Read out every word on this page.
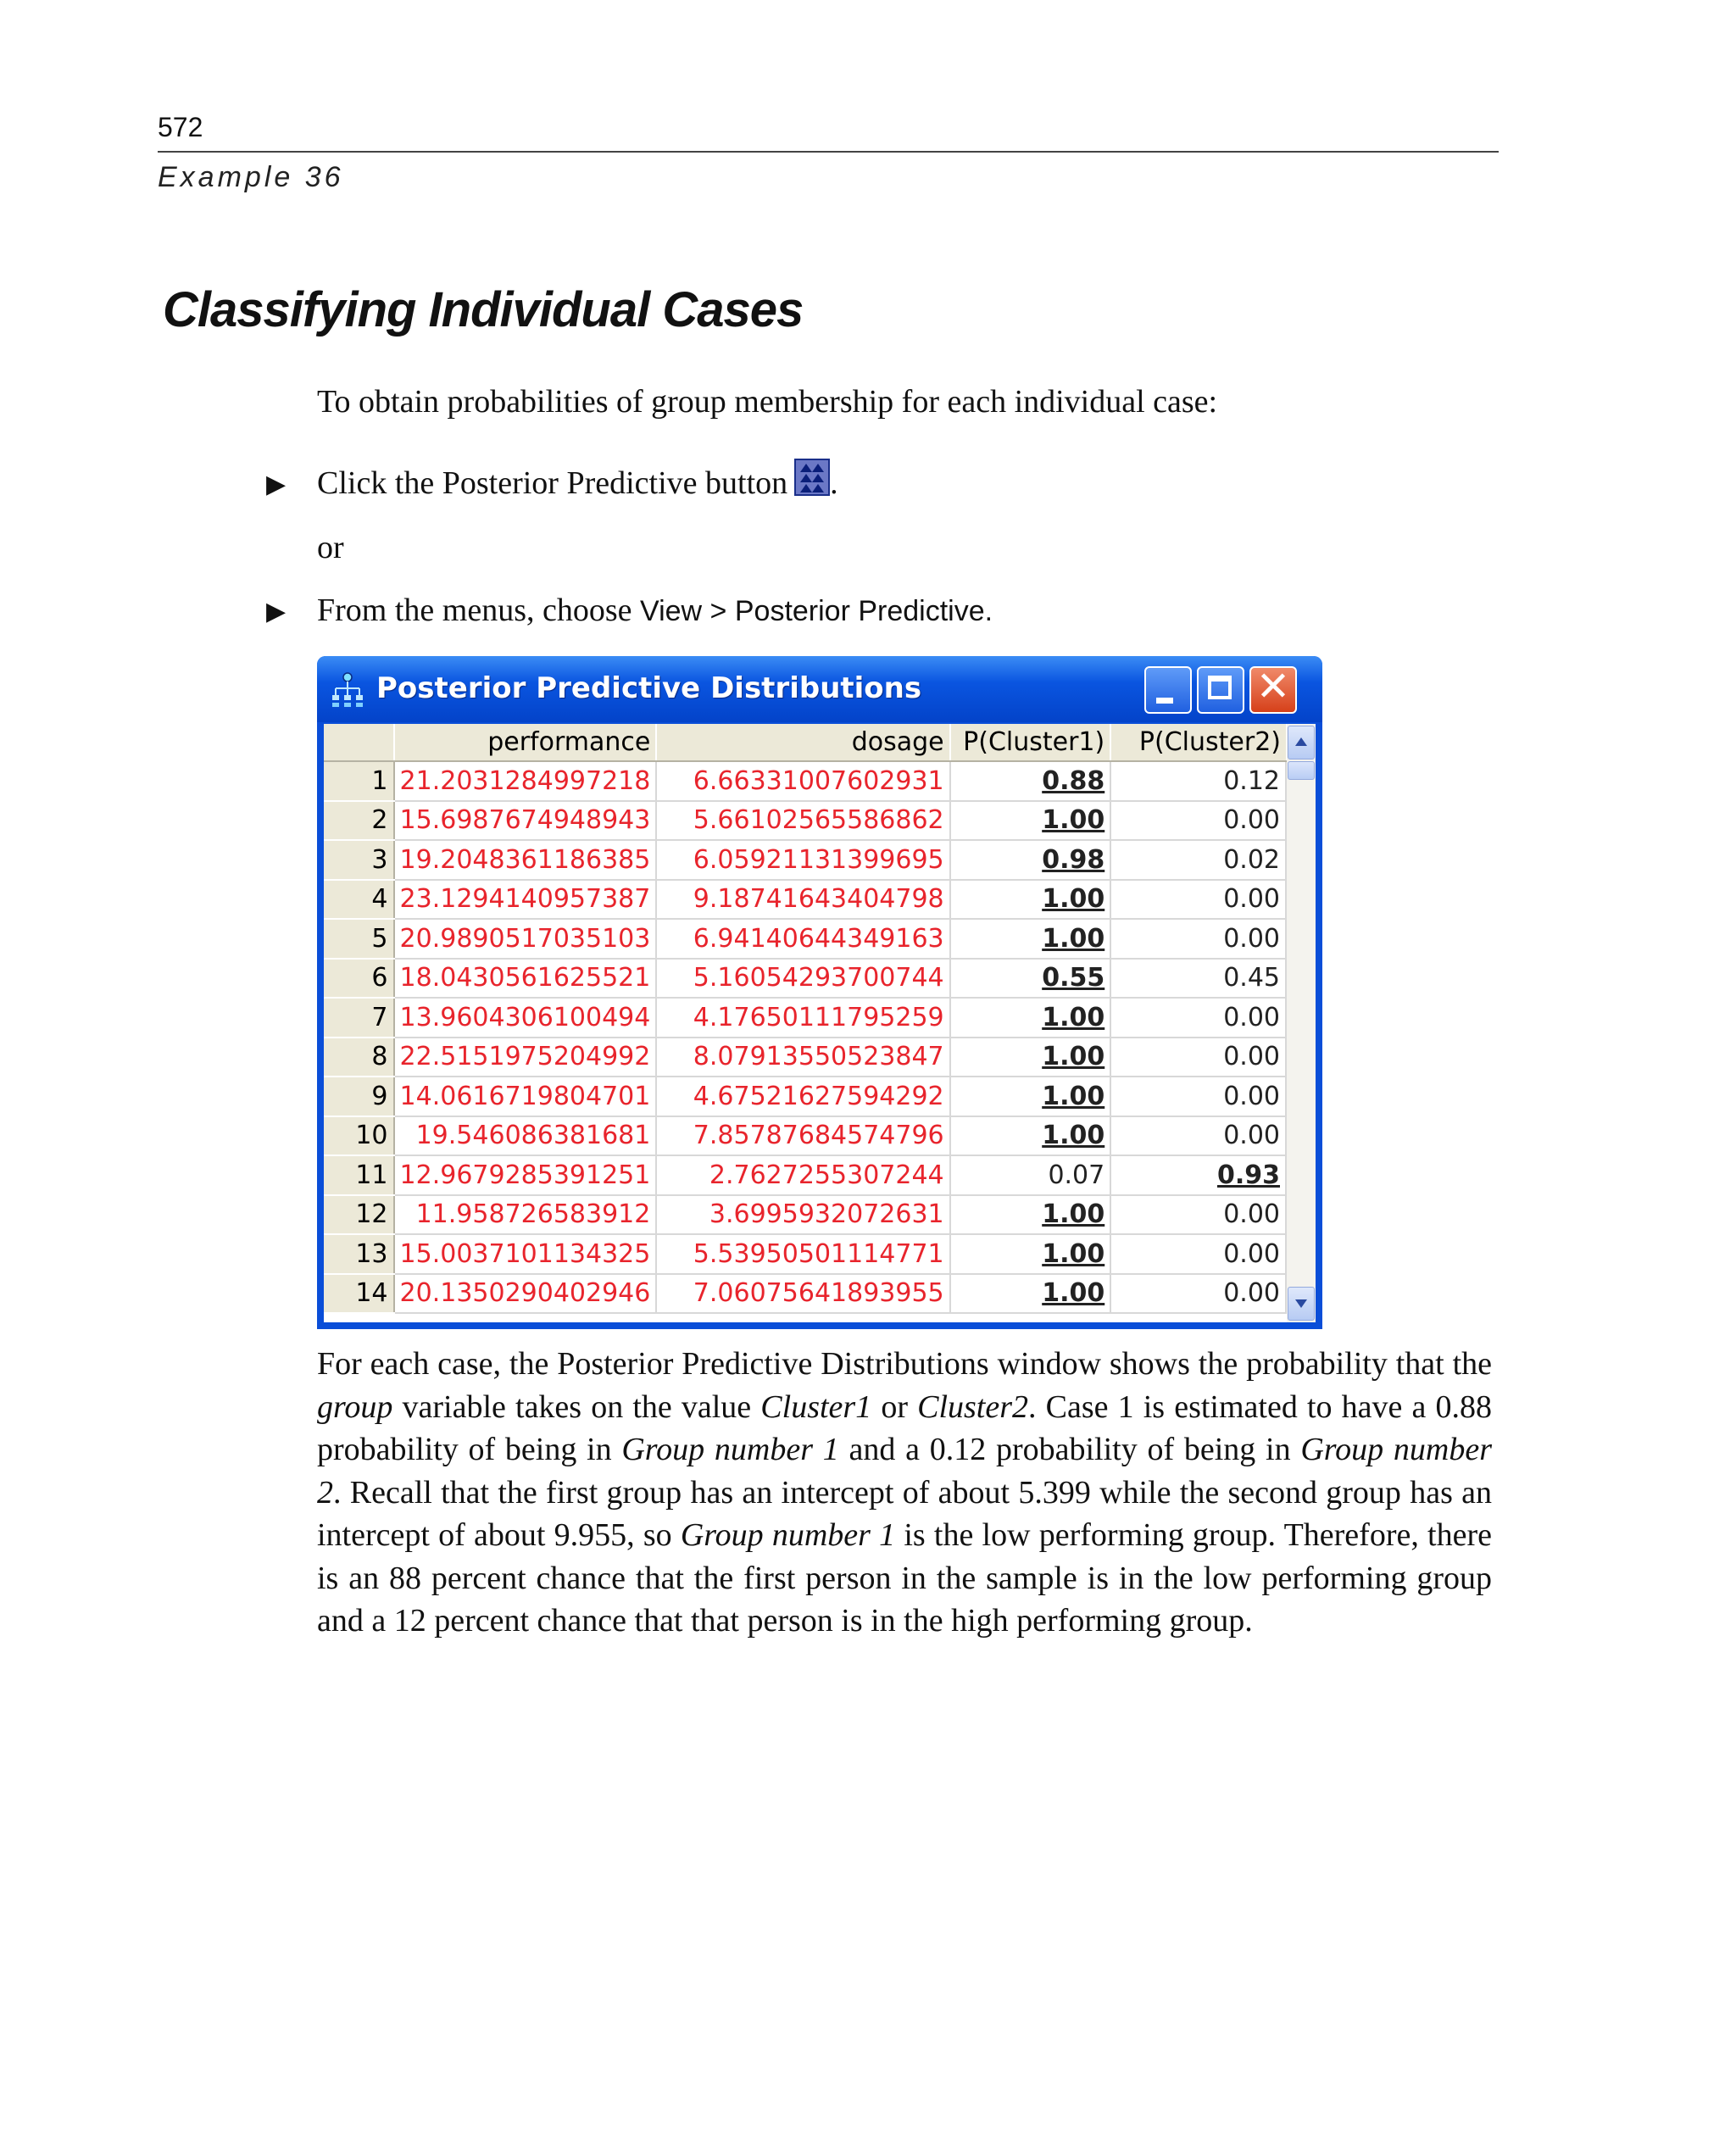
572
Example 36
Classifying Individual Cases
To obtain probabilities of group membership for each individual case:
▶ Click the Posterior Predictive button .
or
▶ From the menus, choose View > Posterior Predictive.
Posterior Predictive Distributions	✕
	performance	dosage	P(Cluster1)	P(Cluster2)
1	21.2031284997218	6.66331007602931	0.88	0.12
2	15.6987674948943	5.66102565586862	1.00	0.00
3	19.2048361186385	6.05921131399695	0.98	0.02
4	23.1294140957387	9.18741643404798	1.00	0.00
5	20.9890517035103	6.94140644349163	1.00	0.00
6	18.0430561625521	5.16054293700744	0.55	0.45
7	13.9604306100494	4.17650111795259	1.00	0.00
8	22.5151975204992	8.07913550523847	1.00	0.00
9	14.0616719804701	4.67521627594292	1.00	0.00
10	19.546086381681	7.85787684574796	1.00	0.00
11	12.9679285391251	2.7627255307244	0.07	0.93
12	11.958726583912	3.6995932072631	1.00	0.00
13	15.0037101134325	5.53950501114771	1.00	0.00
14	20.1350290402946	7.06075641893955	1.00	0.00

For each case, the Posterior Predictive Distributions window shows the probability that the group variable takes on the value Cluster1 or Cluster2. Case 1 is estimated to have a 0.88 probability of being in Group number 1 and a 0.12 probability of being in Group number 2. Recall that the first group has an intercept of about 5.399 while the second group has an intercept of about 9.955, so Group number 1 is the low performing group. Therefore, there is an 88 percent chance that the first person in the sample is in the low performing group and a 12 percent chance that that person is in the high performing group.
